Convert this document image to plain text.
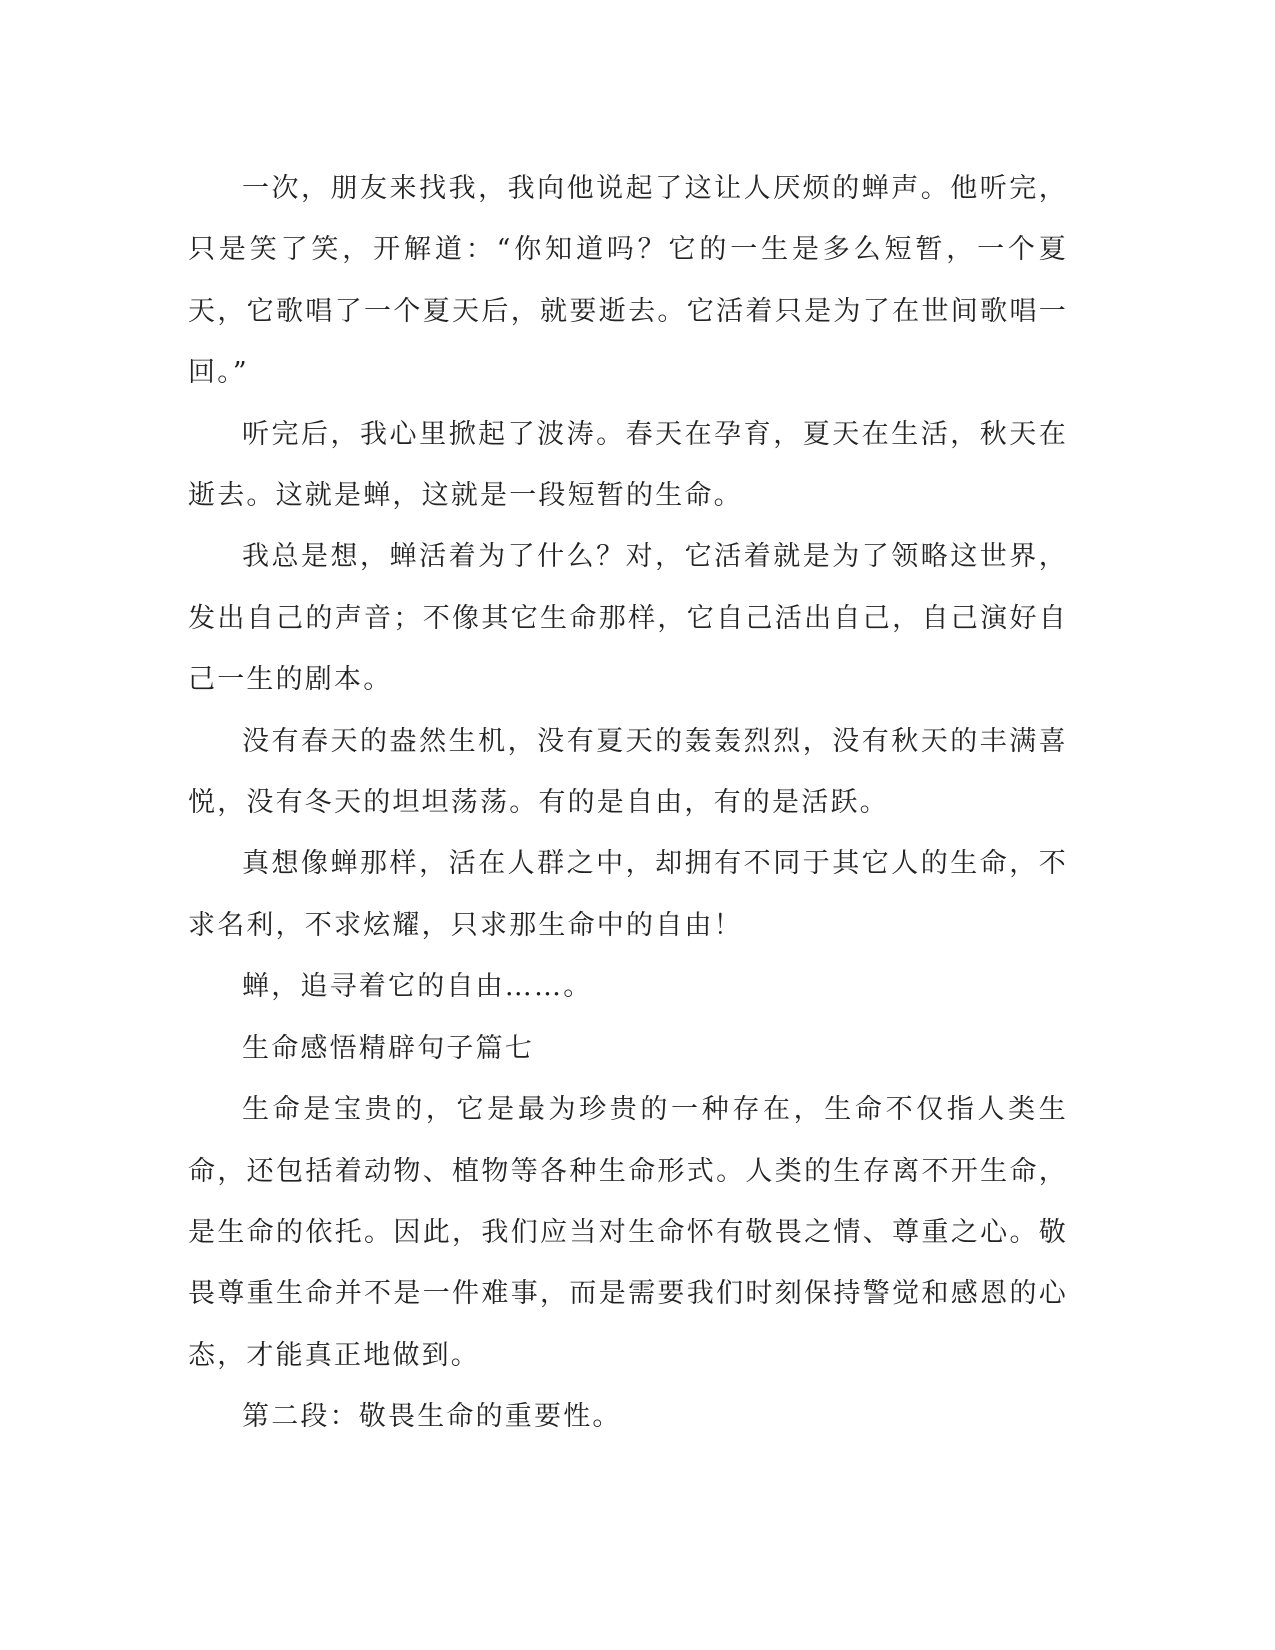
一次，朋友来找我，我向他说起了这让人厌烦的蝉声。他听完，只是笑了笑，开解道：“你知道吗？它的一生是多么短暂，一个夏天，它歌唱了一个夏天后，就要逝去。它活着只是为了在世间歌唱一回。”

听完后，我心里掀起了波涛。春天在孕育，夏天在生活，秋天在逝去。这就是蝉，这就是一段短暂的生命。

我总是想，蝉活着为了什么？对，它活着就是为了领略这世界，发出自己的声音；不像其它生命那样，它自己活出自己，自己演好自己一生的剧本。

没有春天的盎然生机，没有夏天的轰轰烈烈，没有秋天的丰满喜悦，没有冬天的坦坦荡荡。有的是自由，有的是活跃。

真想像蝉那样，活在人群之中，却拥有不同于其它人的生命，不求名利，不求炫耀，只求那生命中的自由！

蝉，追寻着它的自由……。

生命感悟精辟句子篇七

生命是宝贵的，它是最为珍贵的一种存在，生命不仅指人类生命，还包括着动物、植物等各种生命形式。人类的生存离不开生命，是生命的依托。因此，我们应当对生命怀有敬畏之情、尊重之心。敬畏尊重生命并不是一件难事，而是需要我们时刻保持警觉和感恩的心态，才能真正地做到。

第二段：敬畏生命的重要性。
